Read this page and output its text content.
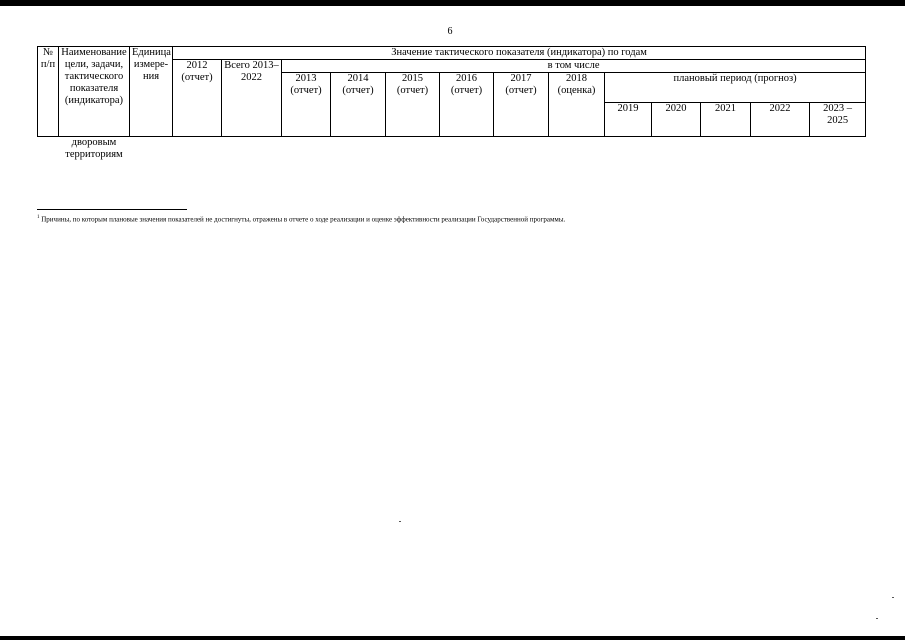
6
№ п/п	Наименование цели, задачи, тактического показателя (индикатора)	Единица измере-ния	Значение тактического показателя (индикатора) по годам												
			2012 (отчет)	Всего 2013–2022	в том числе										
					2013 (отчет)	2014 (отчет)	2015 (отчет)	2016 (отчет)	2017 (отчет)	2018 (оценка)	плановый период (прогноз)				
											2019	2020	2021	2022	2023 – 2025
дворовым территориям
$^1$ Причины, по которым плановые значения показателей не достигнуты, отражены в отчете о ходе реализации и оценке эффективности реализации Государственной программы.
